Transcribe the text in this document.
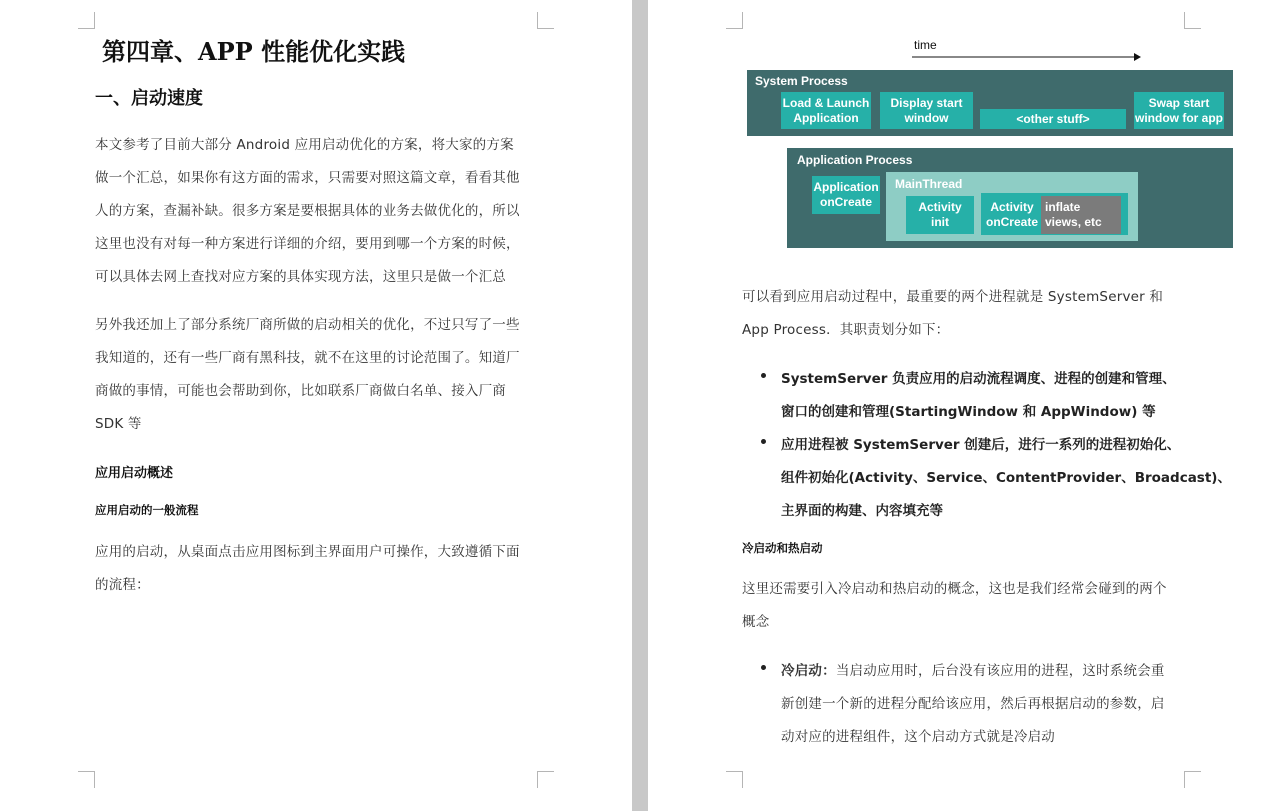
第四章、APP 性能优化实践
一、启动速度
本文参考了目前大部分 Android 应用启动优化的方案，将大家的方案
做一个汇总，如果你有这方面的需求，只需要对照这篇文章，看看其他
人的方案，查漏补缺。很多方案是要根据具体的业务去做优化的，所以
这里也没有对每一种方案进行详细的介绍，要用到哪一个方案的时候，
可以具体去网上查找对应方案的具体实现方法，这里只是做一个汇总
另外我还加上了部分系统厂商所做的启动相关的优化，不过只写了一些
我知道的，还有一些厂商有黑科技，就不在这里的讨论范围了。知道厂
商做的事情，可能也会帮助到你，比如联系厂商做白名单、接入厂商
SDK 等
应用启动概述
应用启动的一般流程
应用的启动，从桌面点击应用图标到主界面用户可操作，大致遵循下面
的流程：
time
System Process
Load & Launch
Application
Display start
window	<other stuff>
Swap start
window for app
Application Process
Application
onCreate
MainThread
Activity
init
Activity
onCreate
inflate
views, etc
可以看到应用启动过程中，最重要的两个进程就是 SystemServer 和
App Process．其职责划分如下：
SystemServer 负责应用的启动流程调度、进程的创建和管理、
窗口的创建和管理(StartingWindow 和 AppWindow) 等
应用进程被 SystemServer 创建后，进行一系列的进程初始化、
组件初始化(Activity、Service、ContentProvider、Broadcast)、
主界面的构建、内容填充等
冷启动和热启动
这里还需要引入冷启动和热启动的概念，这也是我们经常会碰到的两个
概念
冷启动：当启动应用时，后台没有该应用的进程，这时系统会重
新创建一个新的进程分配给该应用，然后再根据启动的参数，启
动对应的进程组件，这个启动方式就是冷启动
